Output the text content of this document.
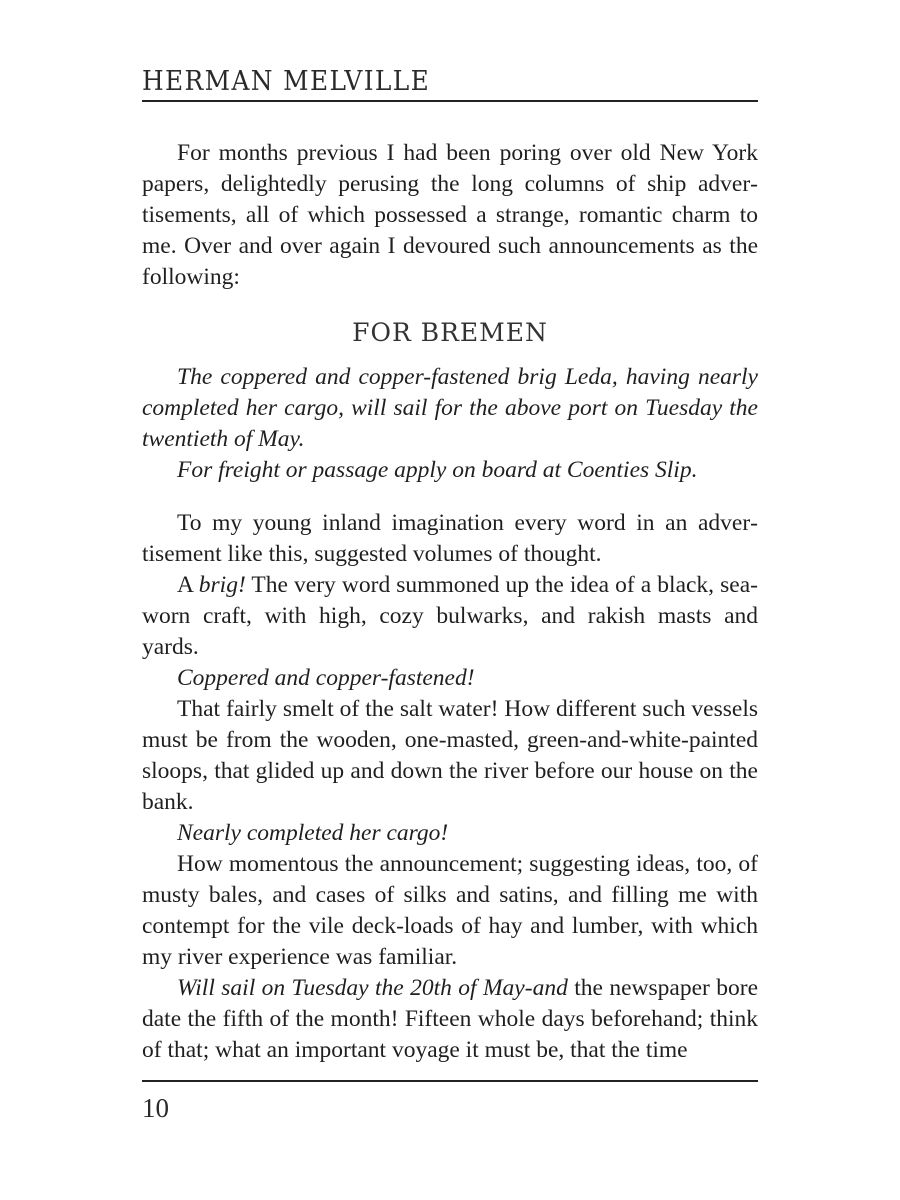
HERMAN MELVILLE

For months previous I had been poring over old New York papers, delightedly perusing the long columns of ship advertisements, all of which possessed a strange, romantic charm to me. Over and over again I devoured such announcements as the following:

FOR BREMEN

The coppered and copper-fastened brig Leda, having nearly completed her cargo, will sail for the above port on Tuesday the twentieth of May.

For freight or passage apply on board at Coenties Slip.

To my young inland imagination every word in an advertisement like this, suggested volumes of thought.

A brig! The very word summoned up the idea of a black, seaworn craft, with high, cozy bulwarks, and rakish masts and yards.

Coppered and copper-fastened!

That fairly smelt of the salt water! How different such vessels must be from the wooden, one-masted, green-and-white-painted sloops, that glided up and down the river before our house on the bank.

Nearly completed her cargo!

How momentous the announcement; suggesting ideas, too, of musty bales, and cases of silks and satins, and filling me with contempt for the vile deck-loads of hay and lumber, with which my river experience was familiar.

Will sail on Tuesday the 20th of May-and the newspaper bore date the fifth of the month! Fifteen whole days beforehand; think of that; what an important voyage it must be, that the time

10
